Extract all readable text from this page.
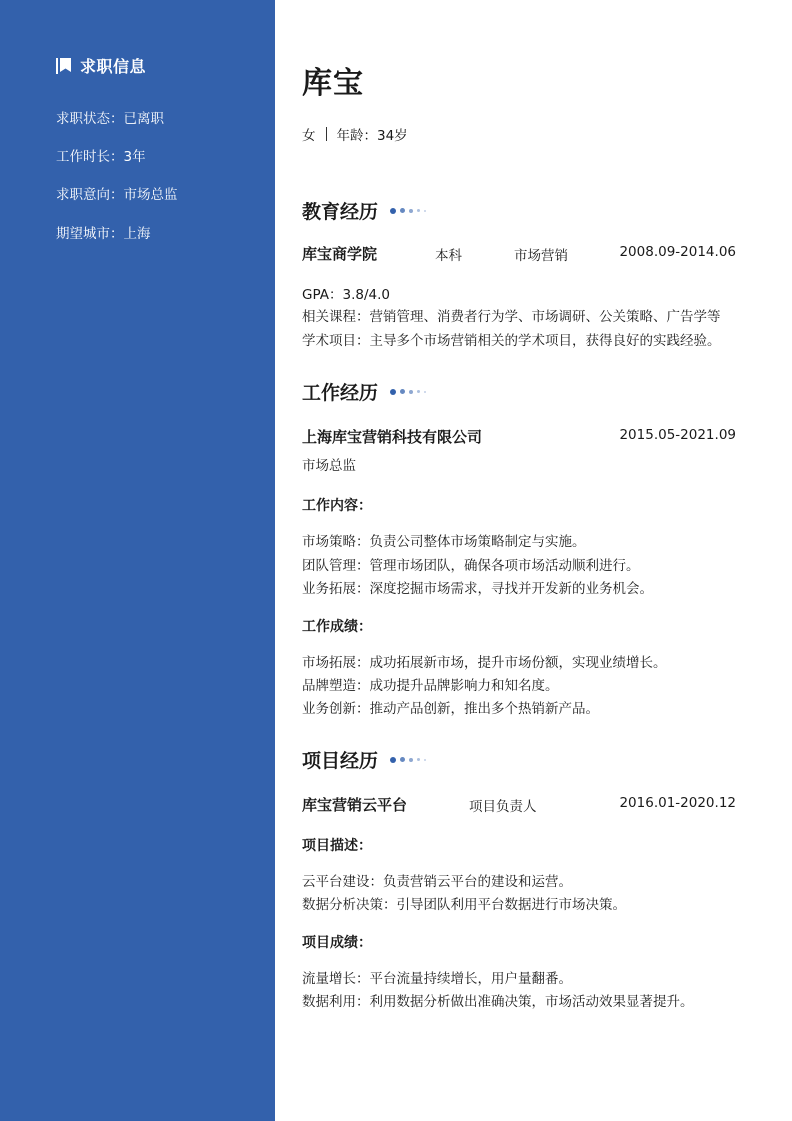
求职信息
求职状态：已离职
工作时长：3年
求职意向：市场总监
期望城市：上海
库宝
女 年龄：34岁
教育经历
库宝商学院	本科	市场营销	2008.09-2014.06
GPA：3.8/4.0
相关课程：营销管理、消费者行为学、市场调研、公关策略、广告学等
学术项目：主导多个市场营销相关的学术项目，获得良好的实践经验。
工作经历
上海库宝营销科技有限公司	2015.05-2021.09
市场总监
工作内容：
市场策略：负责公司整体市场策略制定与实施。
团队管理：管理市场团队，确保各项市场活动顺利进行。
业务拓展：深度挖掘市场需求，寻找并开发新的业务机会。
工作成绩：
市场拓展：成功拓展新市场，提升市场份额，实现业绩增长。
品牌塑造：成功提升品牌影响力和知名度。
业务创新：推动产品创新，推出多个热销新产品。
项目经历
库宝营销云平台	项目负责人	2016.01-2020.12
项目描述：
云平台建设：负责营销云平台的建设和运营。
数据分析决策：引导团队利用平台数据进行市场决策。
项目成绩：
流量增长：平台流量持续增长，用户量翻番。
数据利用：利用数据分析做出准确决策，市场活动效果显著提升。
